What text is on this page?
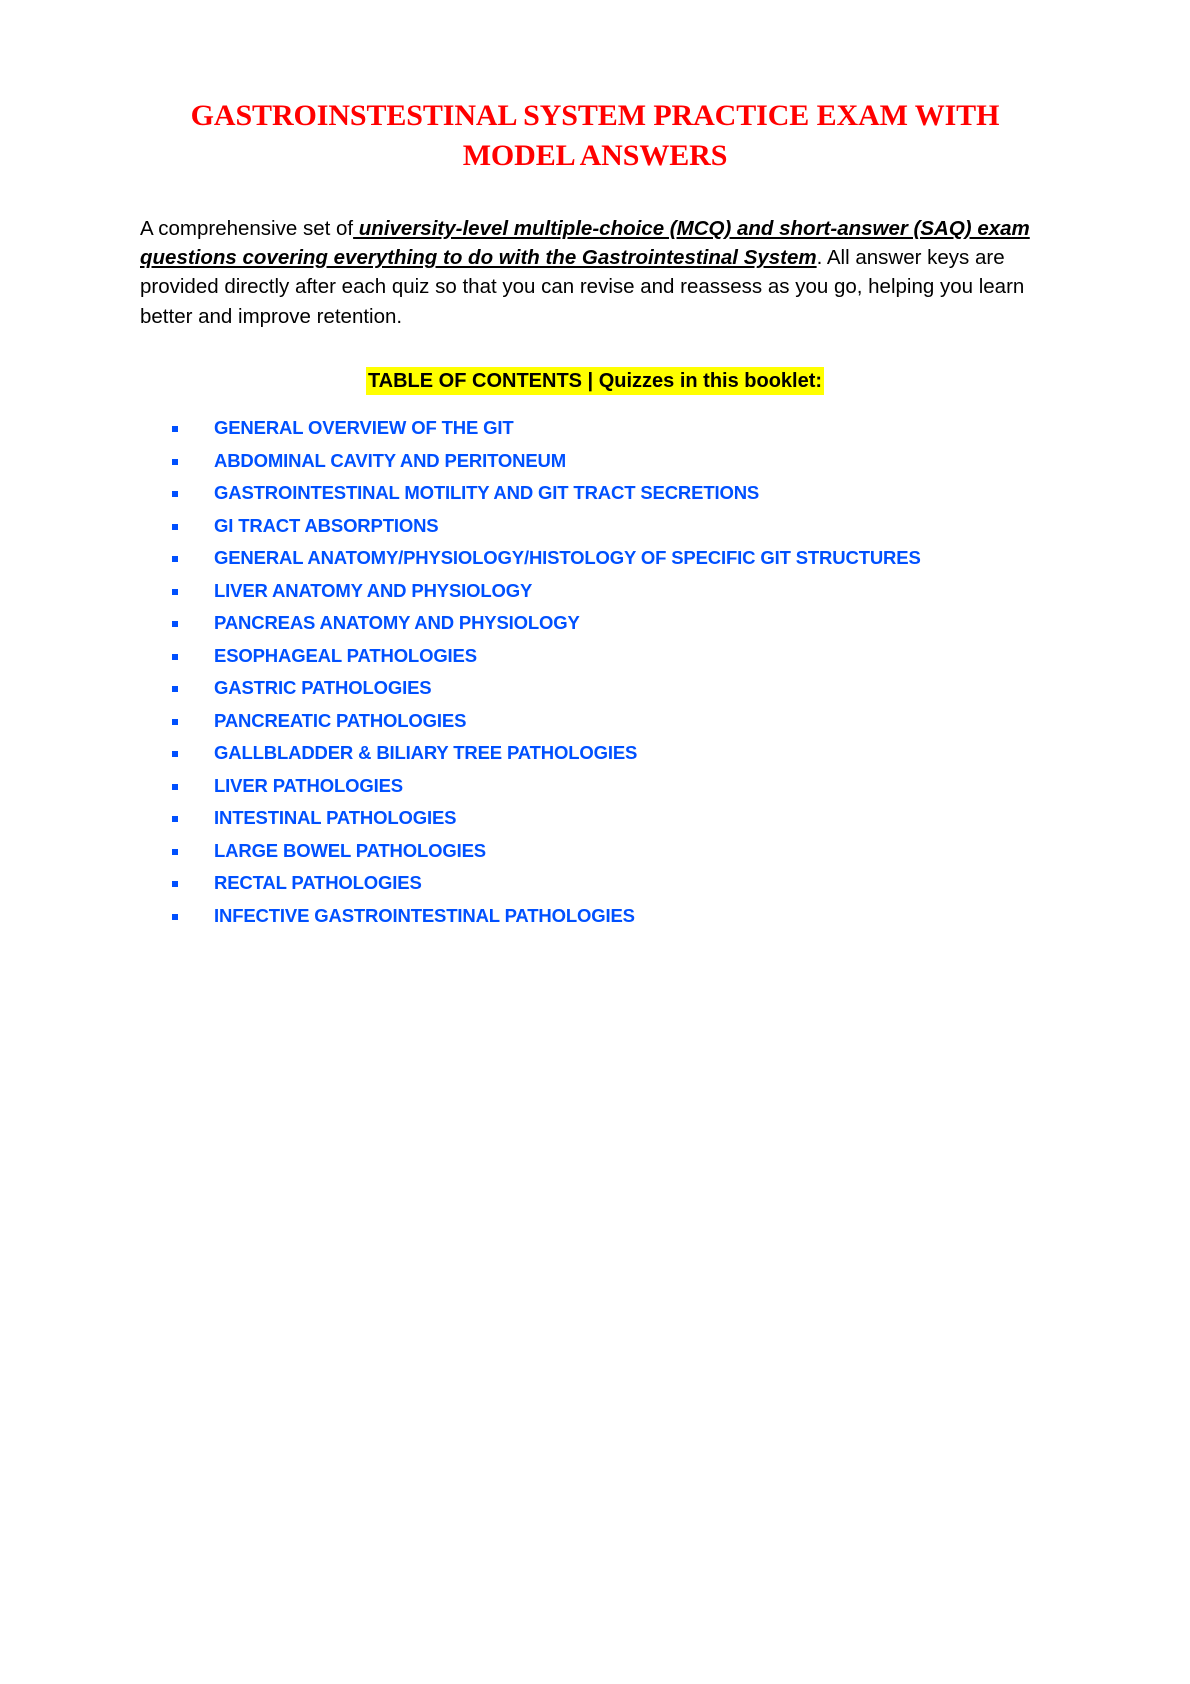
GASTROINSTESTINAL SYSTEM PRACTICE EXAM WITH MODEL ANSWERS

A comprehensive set of university-level multiple-choice (MCQ) and short-answer (SAQ) exam questions covering everything to do with the Gastrointestinal System. All answer keys are provided directly after each quiz so that you can revise and reassess as you go, helping you learn better and improve retention.

TABLE OF CONTENTS | Quizzes in this booklet:
GENERAL OVERVIEW OF THE GIT
ABDOMINAL CAVITY AND PERITONEUM
GASTROINTESTINAL MOTILITY AND GIT TRACT SECRETIONS
GI TRACT ABSORPTIONS
GENERAL ANATOMY/PHYSIOLOGY/HISTOLOGY OF SPECIFIC GIT STRUCTURES
LIVER ANATOMY AND PHYSIOLOGY
PANCREAS ANATOMY AND PHYSIOLOGY
ESOPHAGEAL PATHOLOGIES
GASTRIC PATHOLOGIES
PANCREATIC PATHOLOGIES
GALLBLADDER & BILIARY TREE PATHOLOGIES
LIVER PATHOLOGIES
INTESTINAL PATHOLOGIES
LARGE BOWEL PATHOLOGIES
RECTAL PATHOLOGIES
INFECTIVE GASTROINTESTINAL PATHOLOGIES
